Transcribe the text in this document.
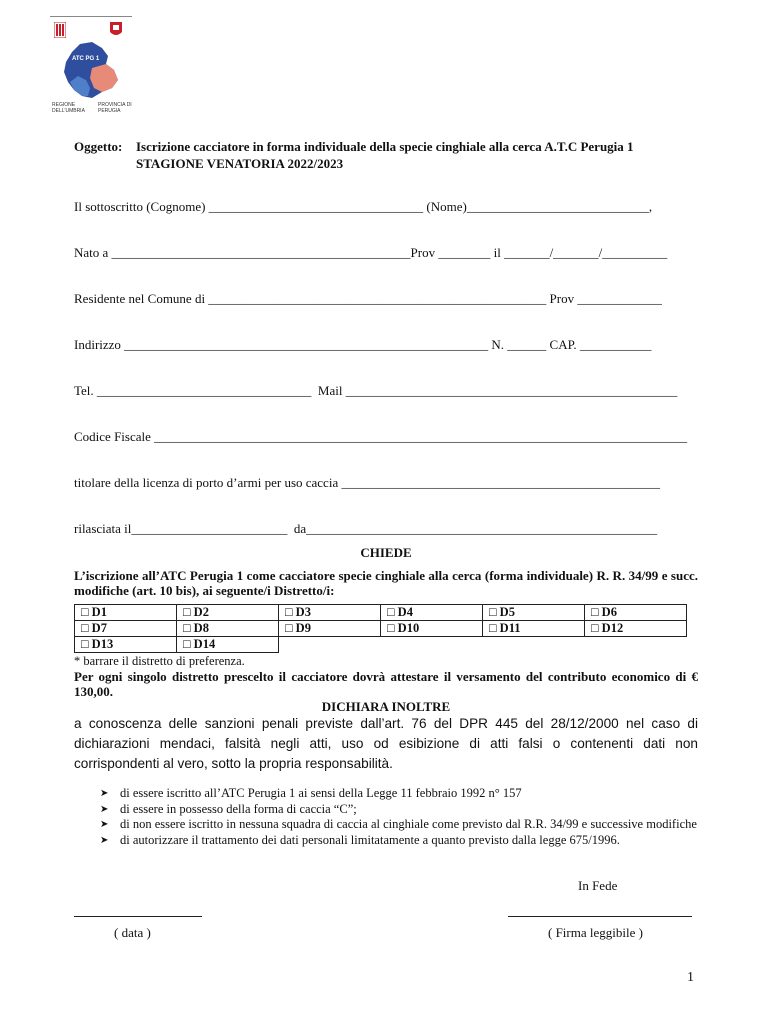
ATC PG 1
REGIONE DELL'UMBRIA
PROVINCIA DI PERUGIA
Oggetto: Iscrizione cacciatore in forma individuale della specie cinghiale alla cerca A.T.C Perugia 1
STAGIONE VENATORIA 2022/2023
Il sottoscritto (Cognome) _________________________________ (Nome)____________________________,
Nato a ______________________________________________Prov ________ il _______/_______/__________
Residente nel Comune di ____________________________________________________ Prov _____________
Indirizzo ________________________________________________________ N. ______ CAP. ___________
Tel. _________________________________  Mail ___________________________________________________
Codice Fiscale __________________________________________________________________________________
titolare della licenza di porto d’armi per uso caccia _________________________________________________
rilasciata il________________________  da______________________________________________________
CHIEDE
L’iscrizione all’ATC Perugia 1 come cacciatore specie cinghiale alla cerca (forma individuale) R. R. 34/99 e succ. modifiche (art. 10 bis), ai seguente/i Distretto/i:
□ D1	□ D2	□ D3	□ D4	□ D5	□ D6
□ D7	□ D8	□ D9	□ D10	□ D11	□ D12
□ D13	□ D14				
* barrare il distretto di preferenza.
Per ogni singolo distretto prescelto il cacciatore dovrà attestare il versamento del contributo economico di € 130,00.
DICHIARA INOLTRE
a conoscenza delle sanzioni penali previste dall’art. 76 del DPR 445 del 28/12/2000 nel caso di dichiarazioni mendaci, falsità negli atti, uso od esibizione di atti falsi o contenenti dati non corrispondenti al vero, sotto la propria responsabilità.
➤ di essere iscritto all’ATC Perugia 1 ai sensi della Legge 11 febbraio 1992 n° 157
➤ di essere in possesso della forma di caccia “C”;
➤ di non essere iscritto in nessuna squadra di caccia al cinghiale come previsto dal R.R. 34/99 e successive modifiche
➤ di autorizzare il trattamento dei dati personali limitatamente a quanto previsto dalla legge 675/1996.
In Fede
( data )	( Firma leggibile )
1
